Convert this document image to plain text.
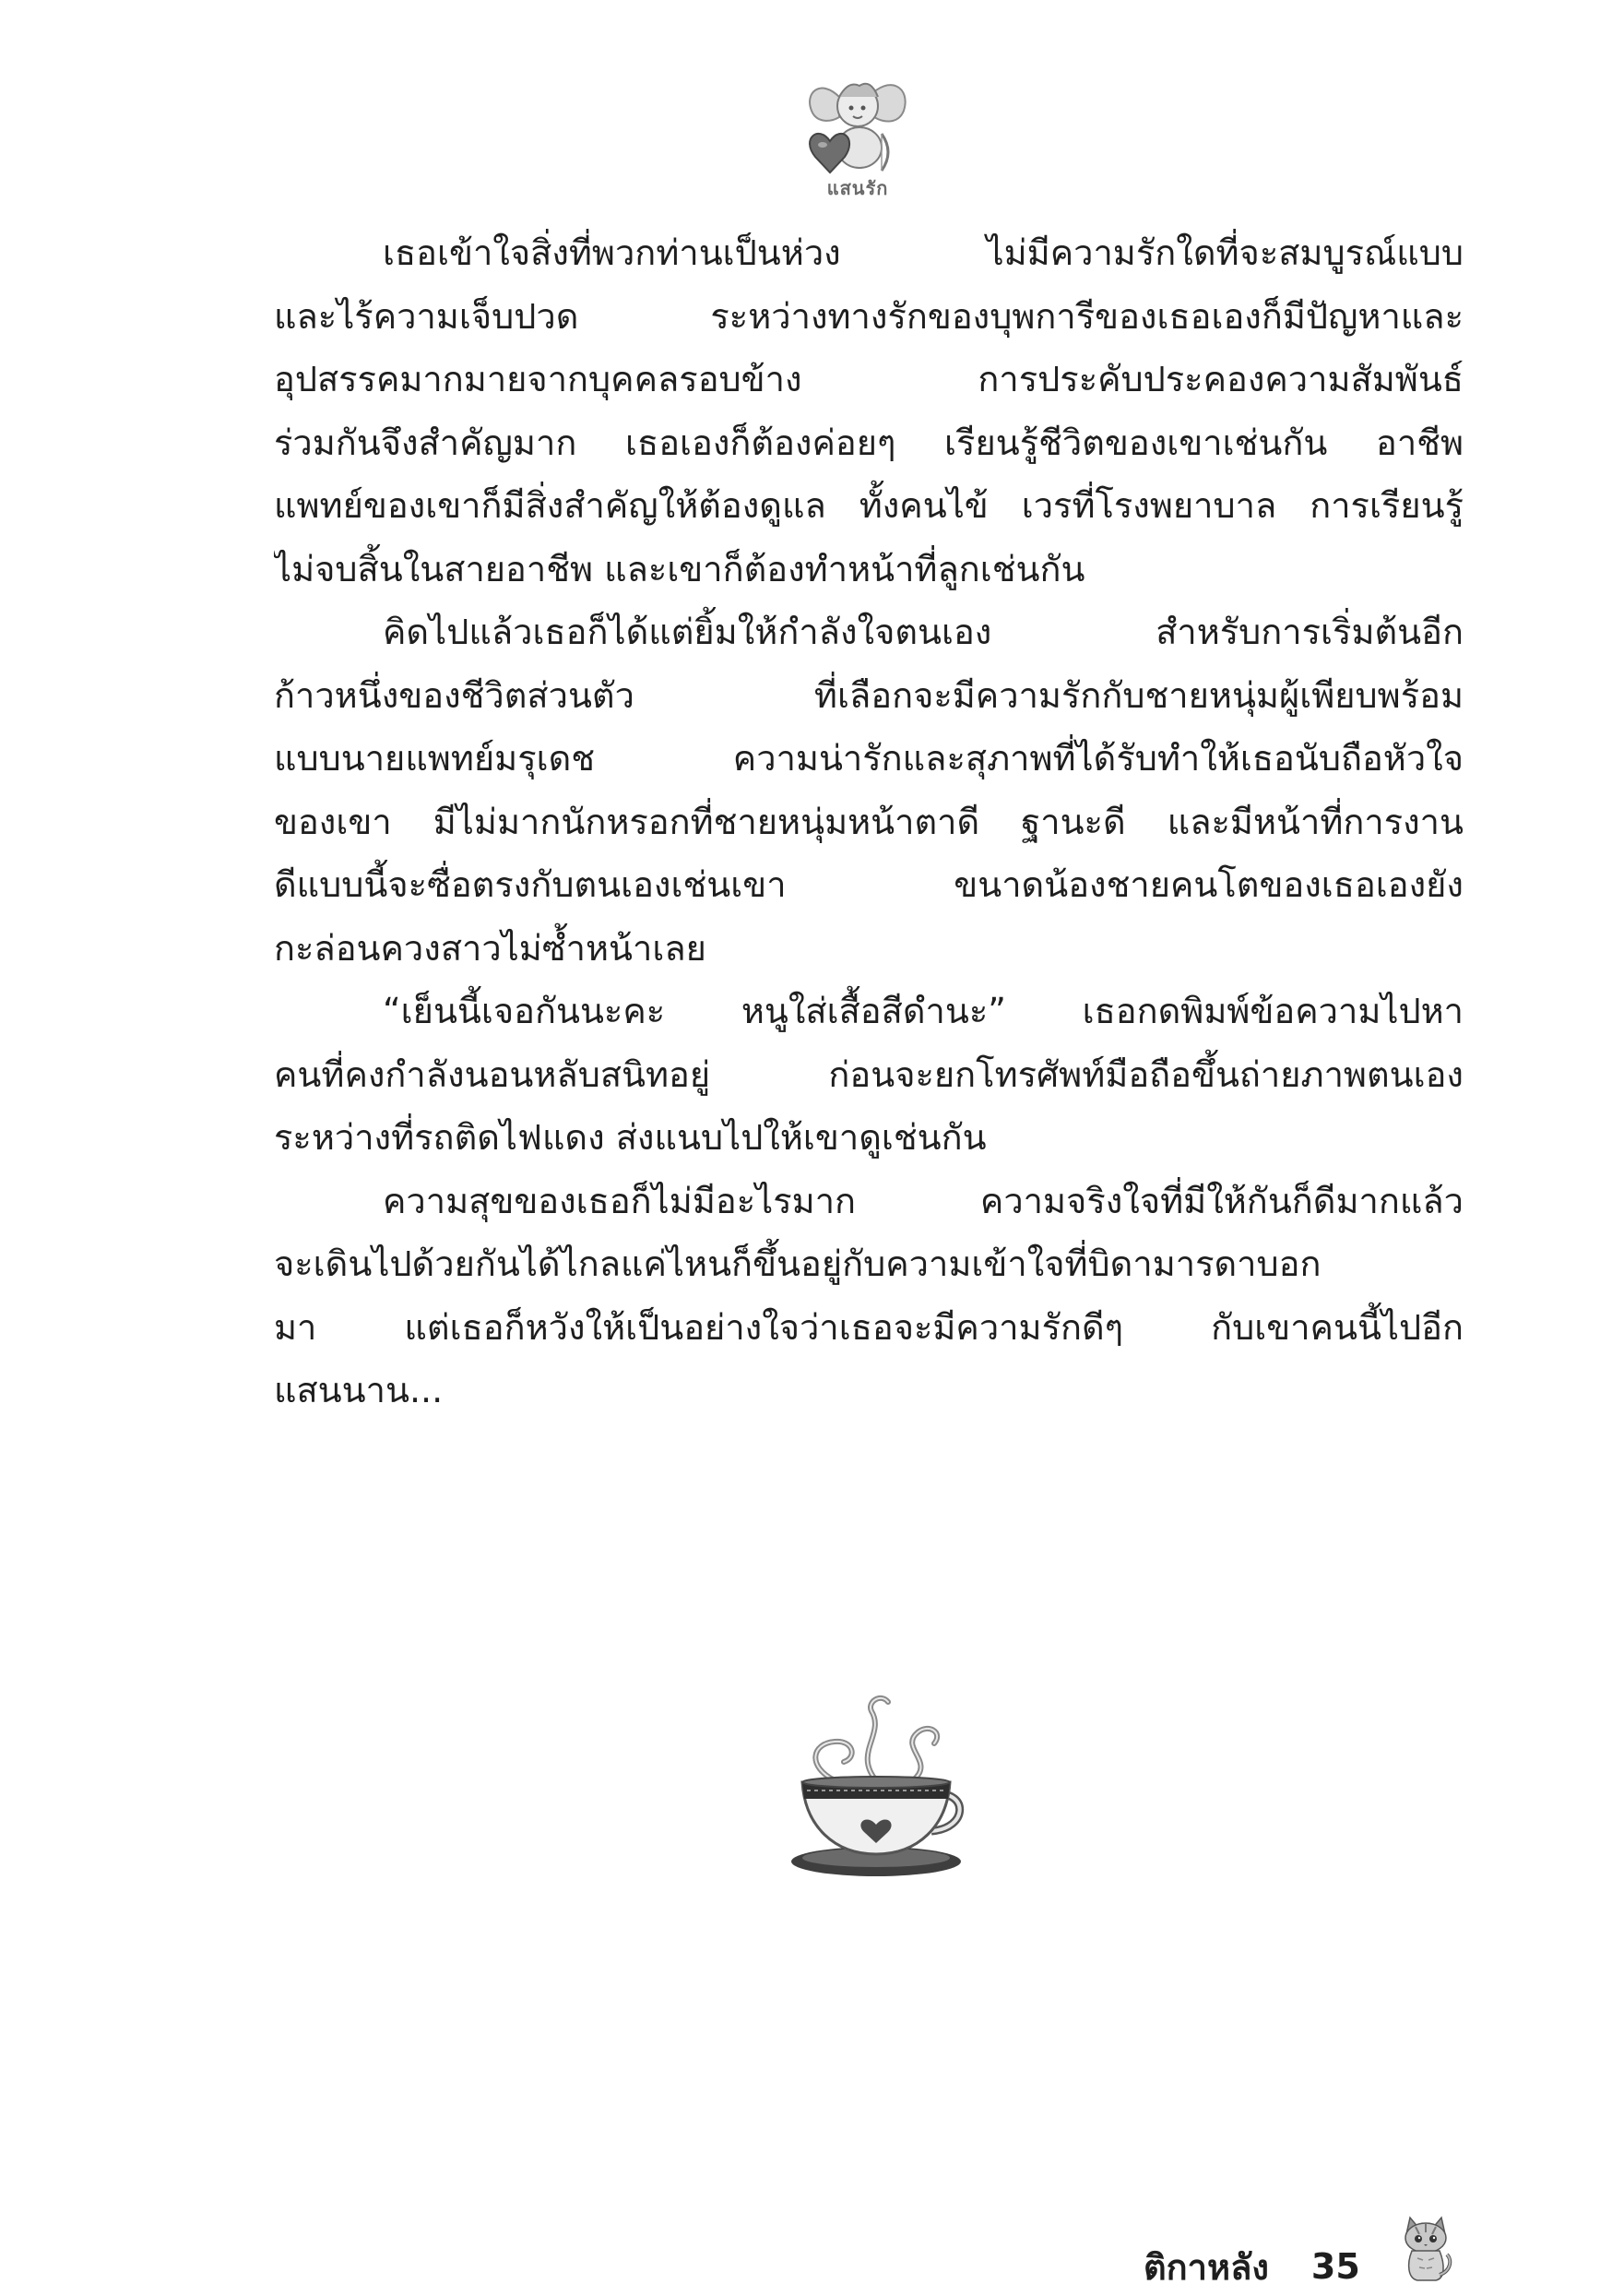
แสนรัก
เธอเข้าใจสิ่งที่พวกท่านเป็นห่วง ไม่มีความรักใดที่จะสมบูรณ์แบบ
และไร้ความเจ็บปวด ระหว่างทางรักของบุพการีของเธอเองก็มีปัญหาและ
อุปสรรคมากมายจากบุคคลรอบข้าง การประคับประคองความสัมพันธ์
ร่วมกันจึงสำคัญมาก เธอเองก็ต้องค่อยๆ เรียนรู้ชีวิตของเขาเช่นกัน อาชีพ
แพทย์ของเขาก็มีสิ่งสำคัญให้ต้องดูแล ทั้งคนไข้ เวรที่โรงพยาบาล การเรียนรู้
ไม่จบสิ้นในสายอาชีพ และเขาก็ต้องทำหน้าที่ลูกเช่นกัน
คิดไปแล้วเธอก็ได้แต่ยิ้มให้กำลังใจตนเอง สำหรับการเริ่มต้นอีก
ก้าวหนึ่งของชีวิตส่วนตัว ที่เลือกจะมีความรักกับชายหนุ่มผู้เพียบพร้อม
แบบนายแพทย์มรุเดช ความน่ารักและสุภาพที่ได้รับทำให้เธอนับถือหัวใจ
ของเขา มีไม่มากนักหรอกที่ชายหนุ่มหน้าตาดี ฐานะดี และมีหน้าที่การงาน
ดีแบบนี้จะซื่อตรงกับตนเองเช่นเขา ขนาดน้องชายคนโตของเธอเองยัง
กะล่อนควงสาวไม่ซ้ำหน้าเลย
“เย็นนี้เจอกันนะคะ หนูใส่เสื้อสีดำนะ” เธอกดพิมพ์ข้อความไปหา
คนที่คงกำลังนอนหลับสนิทอยู่ ก่อนจะยกโทรศัพท์มือถือขึ้นถ่ายภาพตนเอง
ระหว่างที่รถติดไฟแดง ส่งแนบไปให้เขาดูเช่นกัน
ความสุขของเธอก็ไม่มีอะไรมาก ความจริงใจที่มีให้กันก็ดีมากแล้ว
จะเดินไปด้วยกันได้ไกลแค่ไหนก็ขึ้นอยู่กับความเข้าใจที่บิดามารดาบอก
มา แต่เธอก็หวังให้เป็นอย่างใจว่าเธอจะมีความรักดีๆ กับเขาคนนี้ไปอีก
แสนนาน...
ติกาหลัง 35
